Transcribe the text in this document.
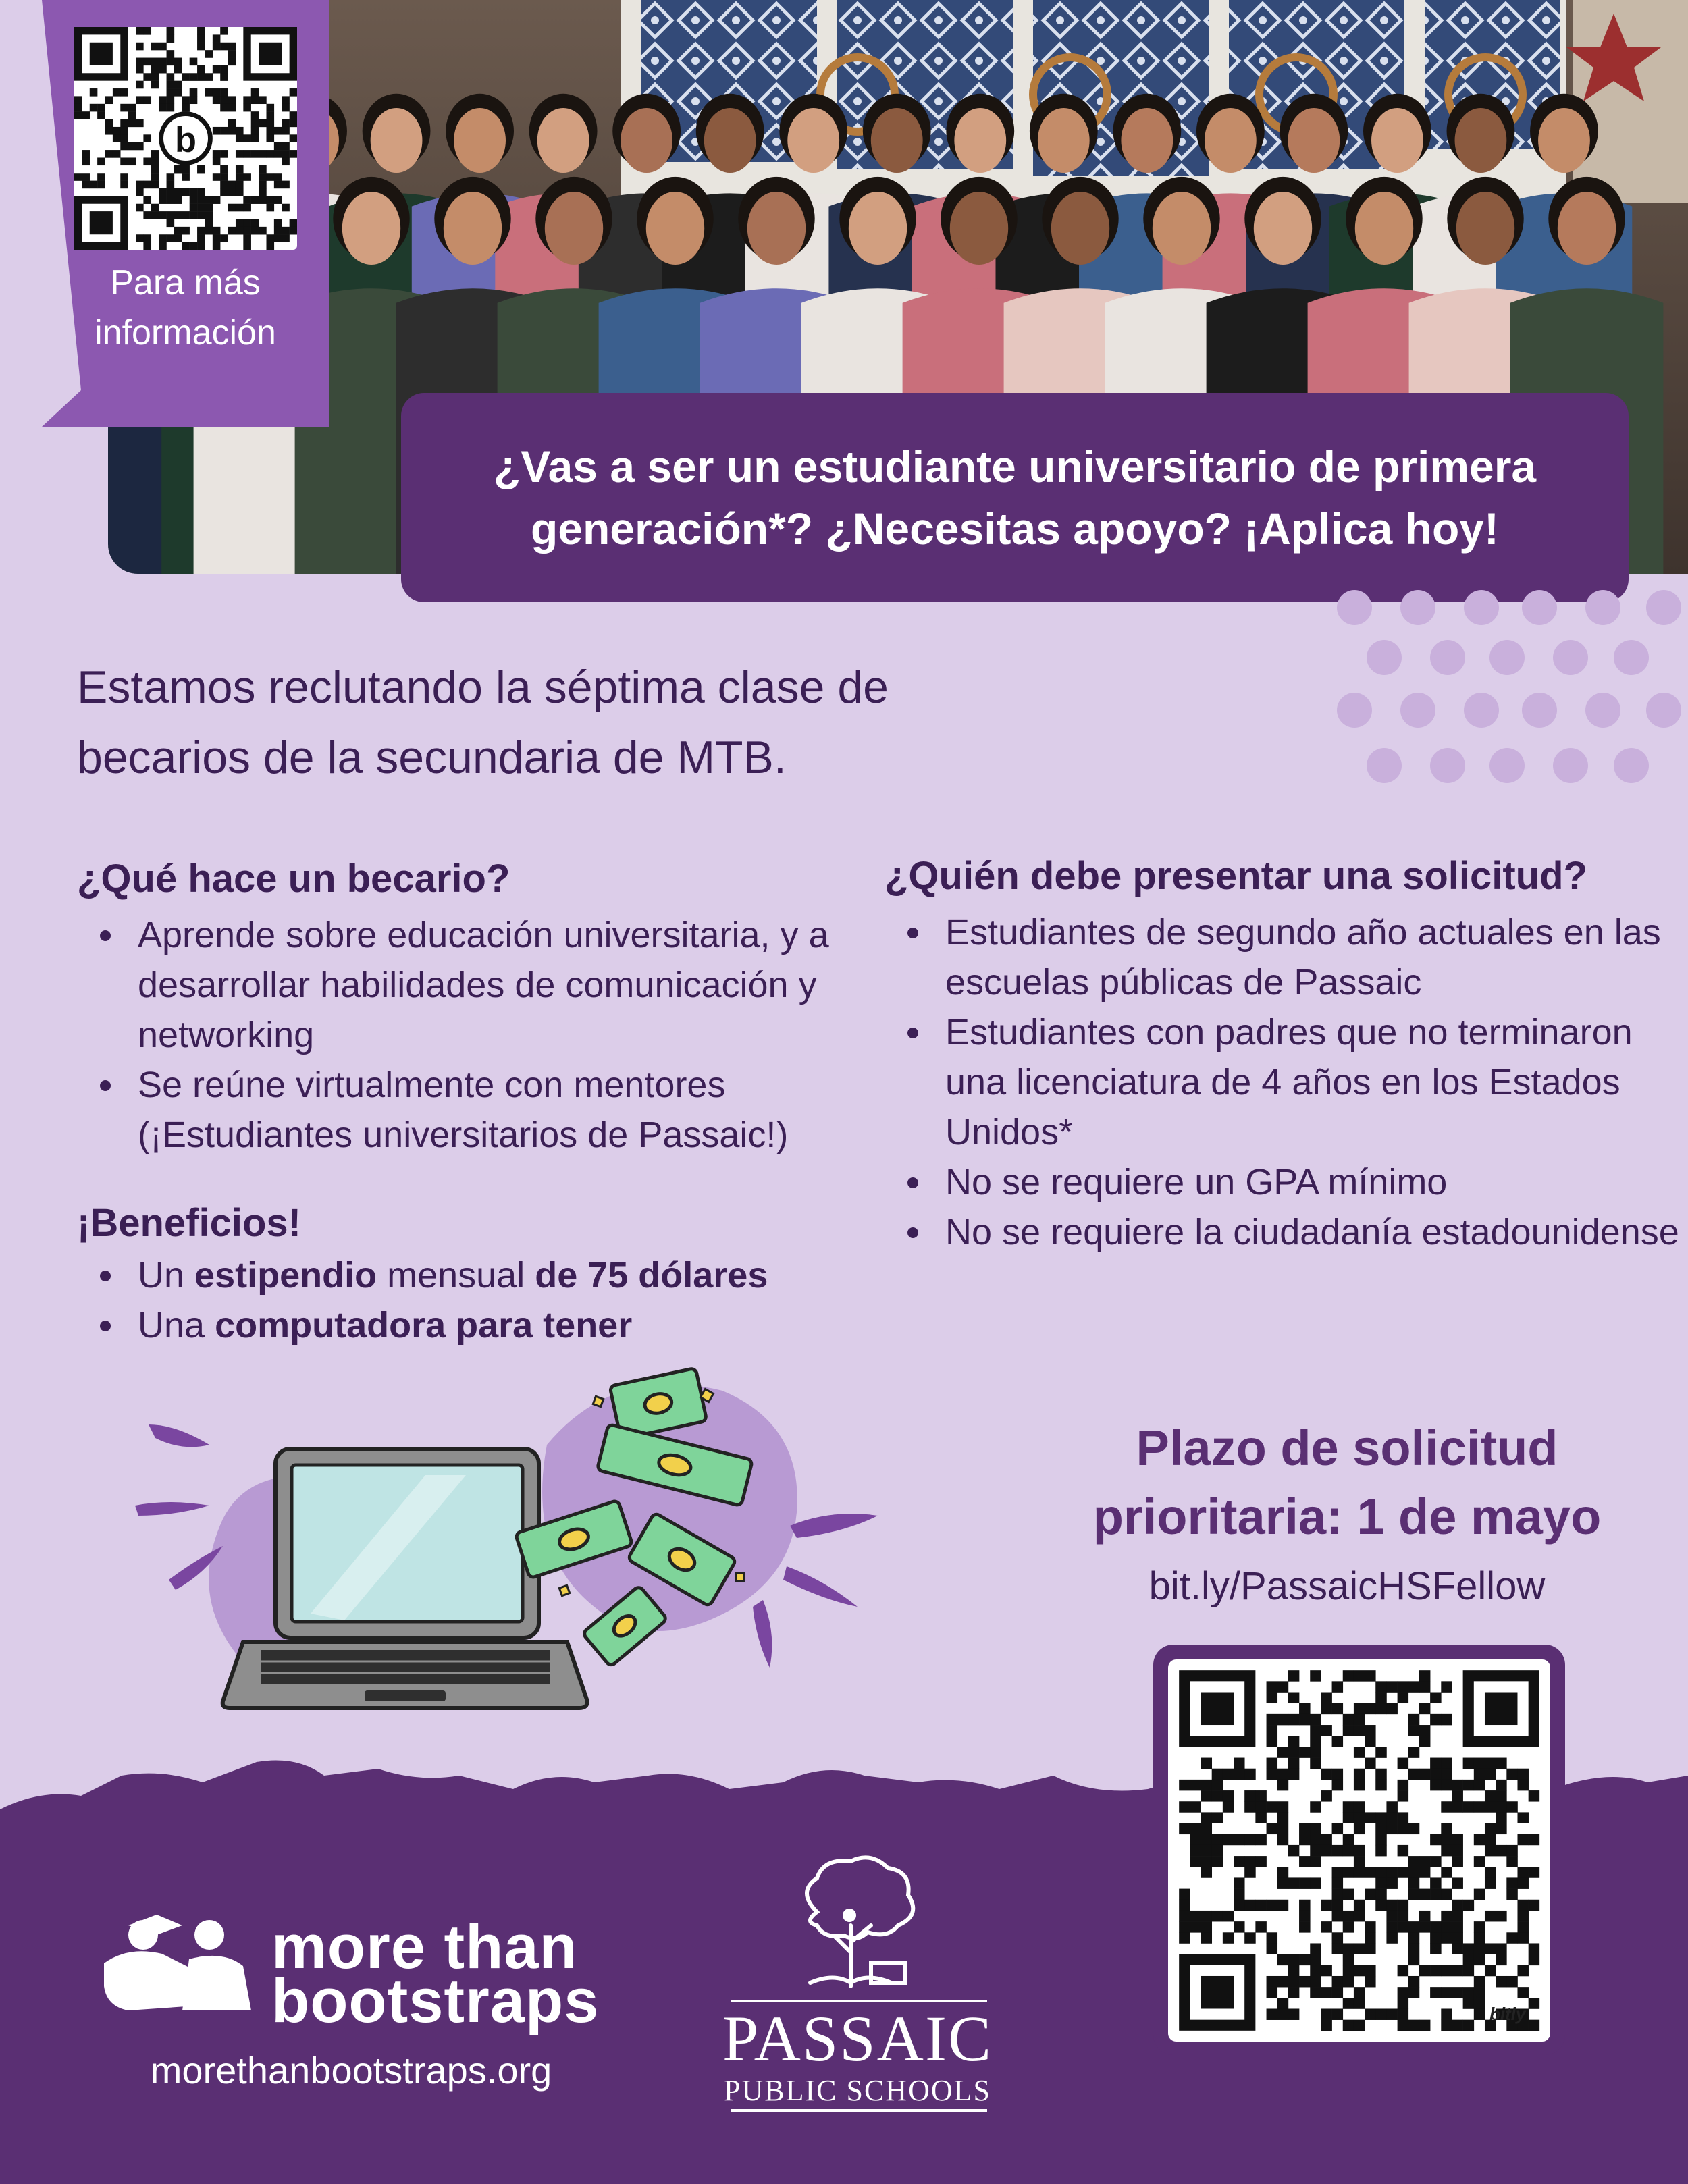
b
Para más
información
¿Vas a ser un estudiante universitario de primera
generación*? ¿Necesitas apoyo? ¡Aplica hoy!
Estamos reclutando la séptima clase de
becarios de la secundaria de MTB.
¿Qué hace un becario?
Aprende sobre educación universitaria, y a desarrollar habilidades de comunicación y networking
Se reúne virtualmente con mentores (¡Estudiantes universitarios de Passaic!)
¿Quién debe presentar una solicitud?
Estudiantes de segundo año actuales en las escuelas públicas de Passaic
Estudiantes con padres que no terminaron una licenciatura de 4 años en los Estados Unidos*
No se requiere un GPA mínimo
No se requiere la ciudadanía estadounidense
¡Beneficios!
Un estipendio mensual de 75 dólares
Una computadora para tener
Plazo de solicitud
prioritaria: 1 de mayo
bit.ly/PassaicHSFellow
bitly
more than
bootstraps
morethanbootstraps.org	PASSAIC
PUBLIC SCHOOLS
